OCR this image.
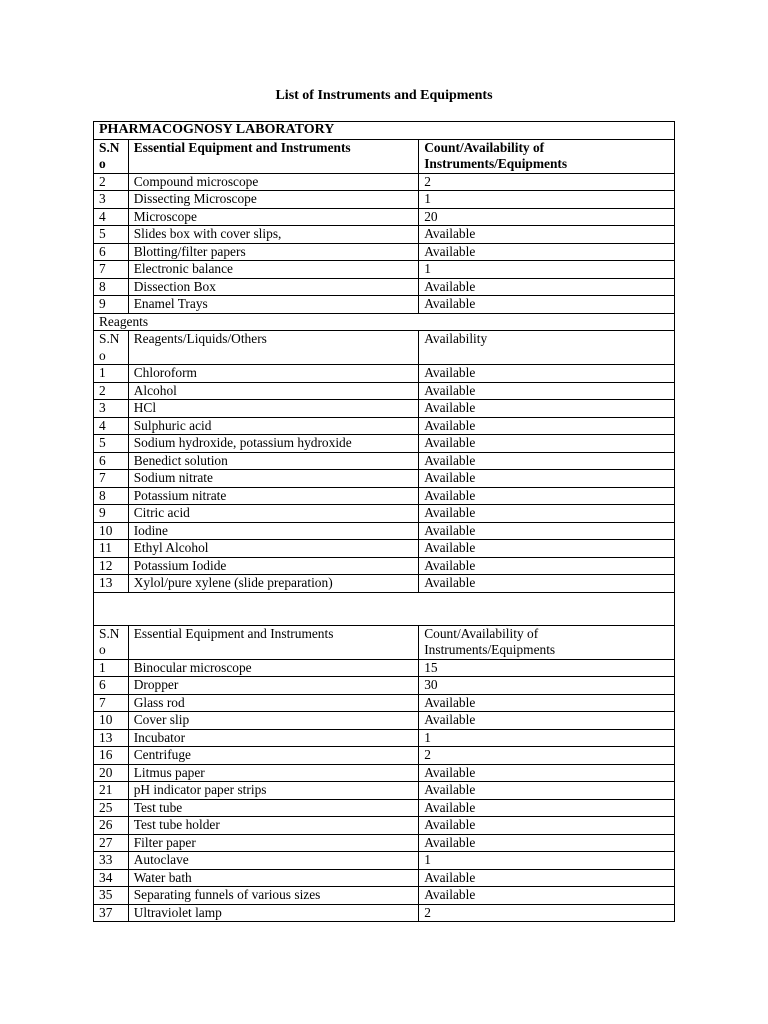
List of Instruments and Equipments
PHARMACOGNOSY LABORATORY		
S.N
o	Essential Equipment and Instruments	Count/Availability of
Instruments/Equipments
2	Compound microscope	2
3	Dissecting Microscope	1
4	Microscope	20
5	Slides box with cover slips,	Available
6	Blotting/filter papers	Available
7	Electronic balance	1
8	Dissection Box	Available
9	Enamel Trays	Available
Reagents		
S.N
o	Reagents/Liquids/Others	Availability
1	Chloroform	Available
2	Alcohol	Available
3	HCl	Available
4	Sulphuric acid	Available
5	Sodium hydroxide, potassium hydroxide	Available
6	Benedict solution	Available
7	Sodium nitrate	Available
8	Potassium nitrate	Available
9	Citric acid	Available
10	Iodine	Available
11	Ethyl Alcohol	Available
12	Potassium Iodide	Available
13	Xylol/pure xylene (slide preparation)	Available

S.N
o	Essential Equipment and Instruments	Count/Availability of
Instruments/Equipments
1	Binocular microscope	15
6	Dropper	30
7	Glass rod	Available
10	Cover slip	Available
13	Incubator	1
16	Centrifuge	2
20	Litmus paper	Available
21	pH indicator paper strips	Available
25	Test tube	Available
26	Test tube holder	Available
27	Filter paper	Available
33	Autoclave	1
34	Water bath	Available
35	Separating funnels of various sizes	Available
37	Ultraviolet lamp	2
